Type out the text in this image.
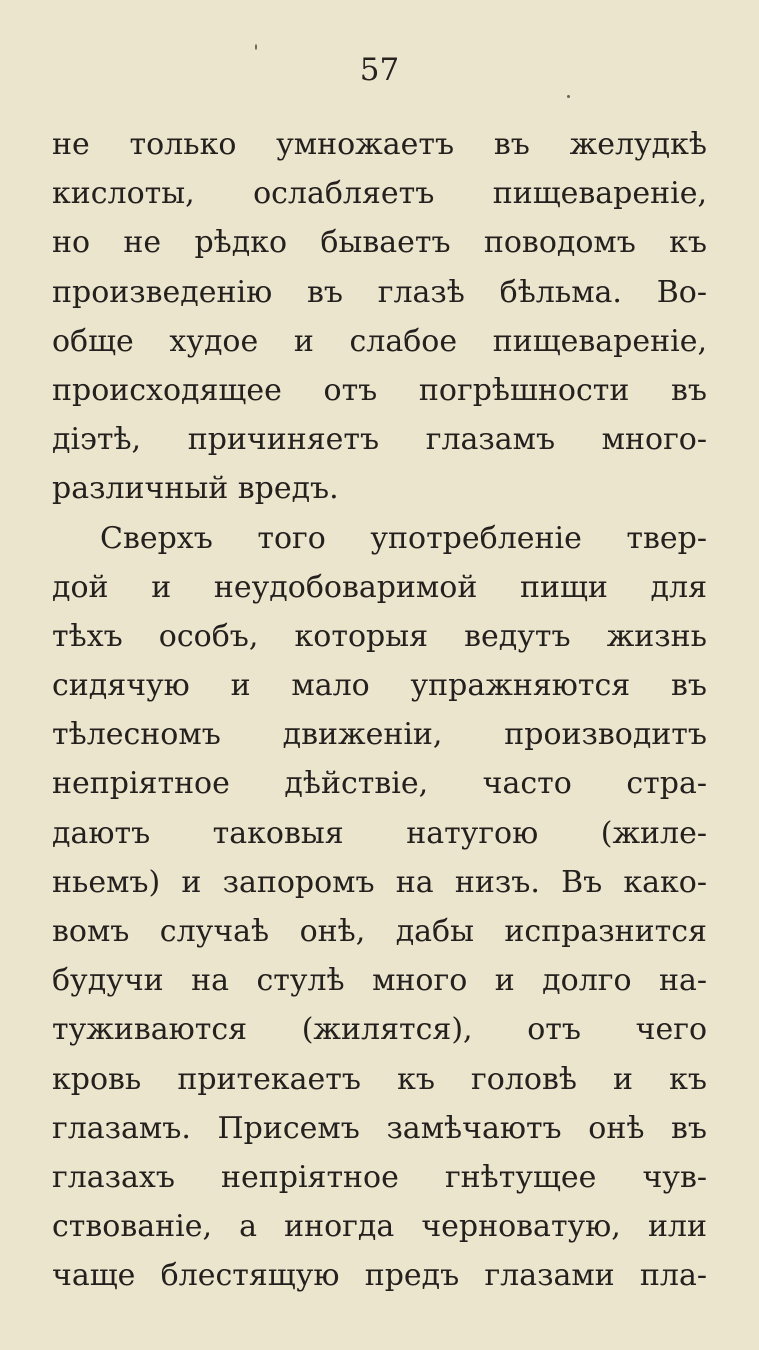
57
не только умножаетъ въ желудкѣ
кислоты, ослабляетъ пищевареніе,
но не рѣдко бываетъ поводомъ къ
произведенію въ глазѣ бѣльма. Во-
обще худое и слабое пищевареніе,
происходящее отъ погрѣшности въ
діэтѣ, причиняетъ глазамъ много-
различный вредъ.
Сверхъ того употребленіе твер-
дой и неудобоваримой пищи для
тѣхъ особъ, которыя ведутъ жизнь
сидячую и мало упражняются въ
тѣлесномъ движеніи, производитъ
непріятное дѣйствіе, часто стра-
даютъ таковыя натугою (жиле-
ньемъ) и запоромъ на низъ. Въ како-
вомъ случаѣ онѣ, дабы испразнится
будучи на стулѣ много и долго на-
туживаются (жилятся), отъ чего
кровь притекаетъ къ головѣ и къ
глазамъ. Присемъ замѣчаютъ онѣ въ
глазахъ непріятное гнѣтущее чув-
ствованіе, а иногда черноватую, или
чаще блестящую предъ глазами пла-
